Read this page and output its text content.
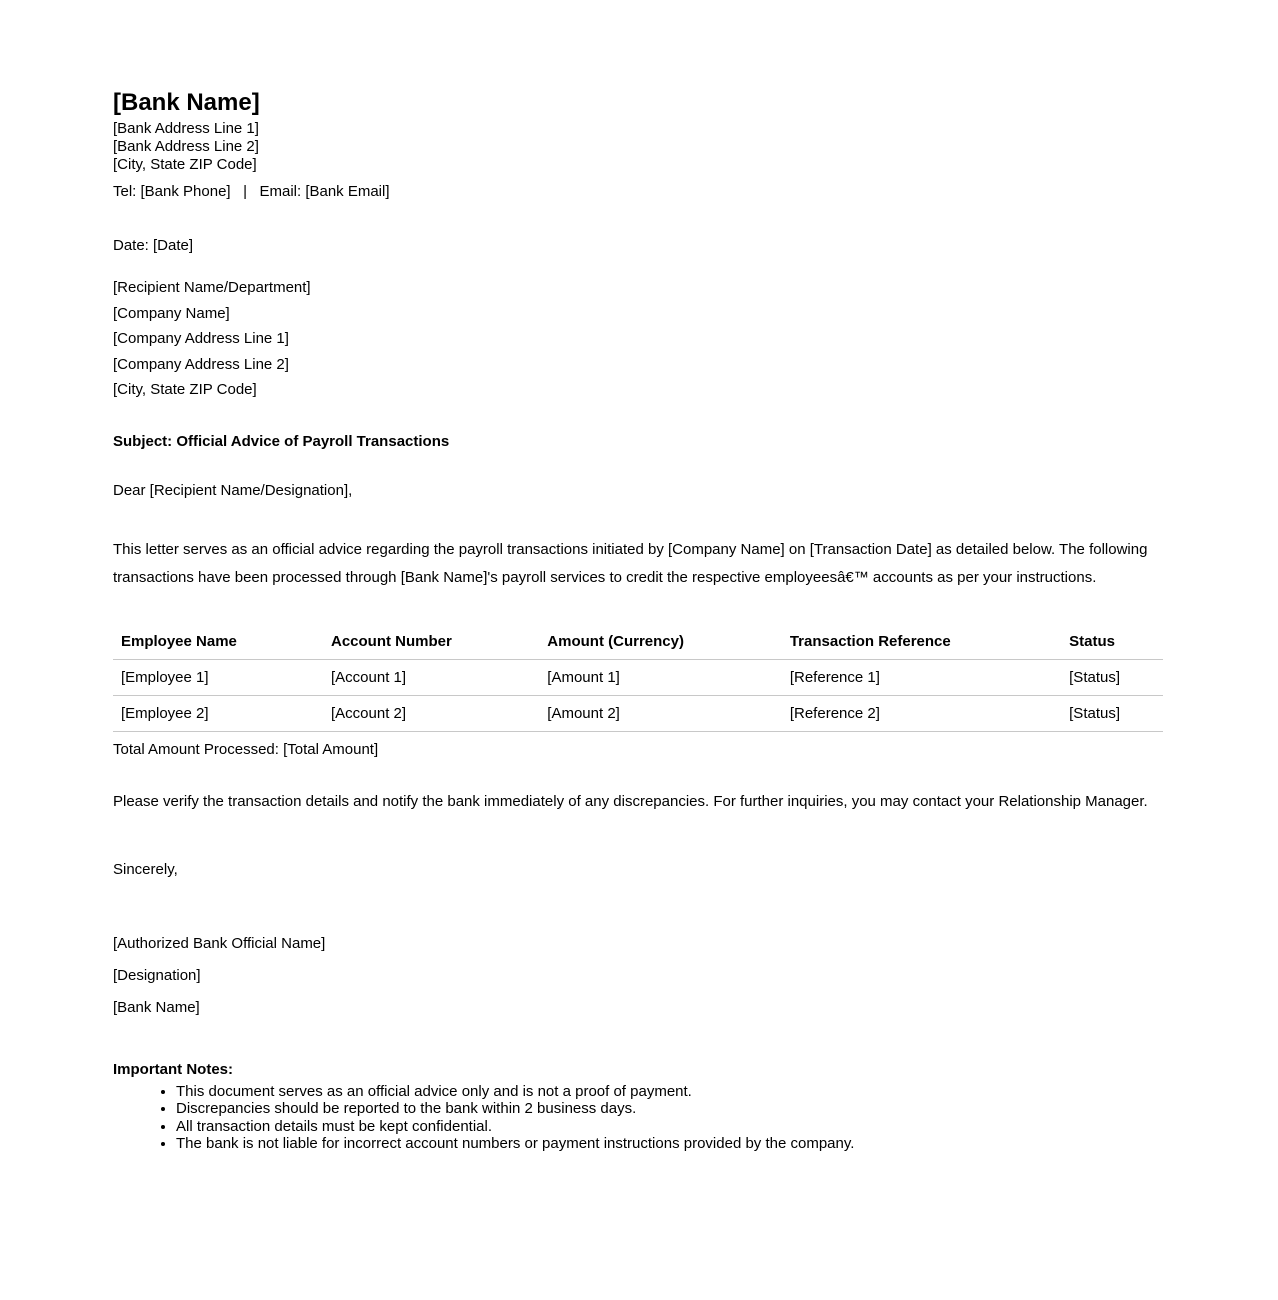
[Bank Name]
[Bank Address Line 1]
[Bank Address Line 2]
[City, State ZIP Code]
Tel: [Bank Phone]   |   Email: [Bank Email]
Date: [Date]
[Recipient Name/Department]
[Company Name]
[Company Address Line 1]
[Company Address Line 2]
[City, State ZIP Code]
Subject: Official Advice of Payroll Transactions
Dear [Recipient Name/Designation],

This letter serves as an official advice regarding the payroll transactions initiated by [Company Name] on [Transaction Date] as detailed below. The following transactions have been processed through [Bank Name]'s payroll services to credit the respective employeesâ€™ accounts as per your instructions.

Employee Name	Account Number	Amount (Currency)	Transaction Reference	Status
[Employee 1]	[Account 1]	[Amount 1]	[Reference 1]	[Status]
[Employee 2]	[Account 2]	[Amount 2]	[Reference 2]	[Status]
Total Amount Processed: [Total Amount]

Please verify the transaction details and notify the bank immediately of any discrepancies. For further inquiries, you may contact your Relationship Manager.

Sincerely,
[Authorized Bank Official Name]
[Designation]
[Bank Name]
Important Notes:
• This document serves as an official advice only and is not a proof of payment.
• Discrepancies should be reported to the bank within 2 business days.
• All transaction details must be kept confidential.
• The bank is not liable for incorrect account numbers or payment instructions provided by the company.
